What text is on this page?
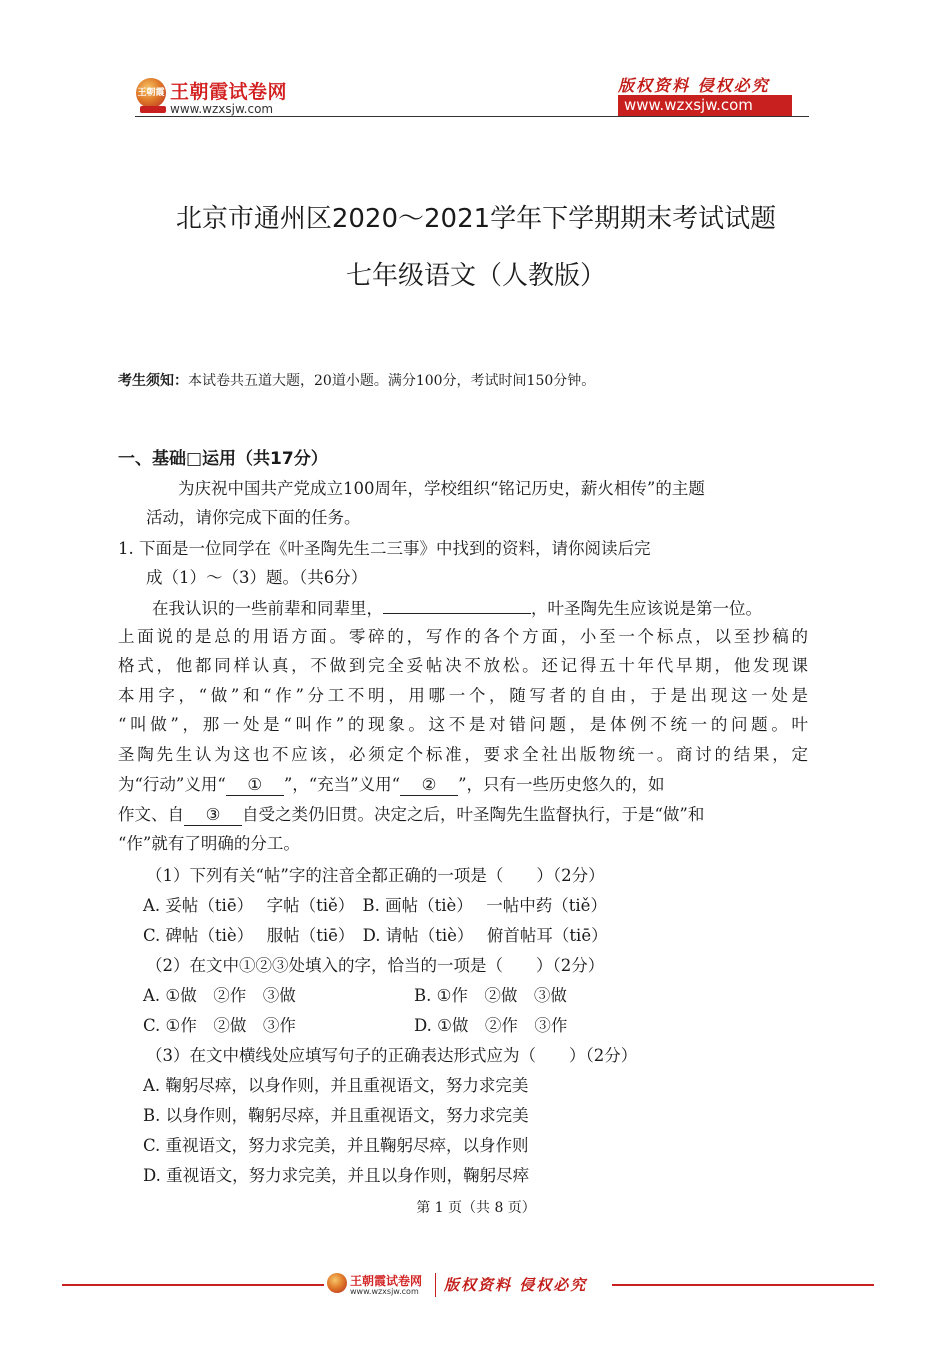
王朝霞 王朝霞试卷网
www.wzxsjw.com
版权资料 侵权必究
www.wzxsjw.com
北京市通州区2020～2021学年下学期期末考试试题
七年级语文（人教版）
考生须知：本试卷共五道大题，20道小题。满分100分，考试时间150分钟。
一、基础□运用（共17分）
为庆祝中国共产党成立100周年，学校组织“铭记历史，薪火相传”的主题
活动，请你完成下面的任务。
1. 下面是一位同学在《叶圣陶先生二三事》中找到的资料，请你阅读后完
成（1）～（3）题。（共6分）
在我认识的一些前辈和同辈里，	，叶圣陶先生应该说是第一位。
上面说的是总的用语方面。零碎的，写作的各个方面，小至一个标点，以至抄稿的
格式，他都同样认真，不做到完全妥帖决不放松。还记得五十年代早期，他发现课
本用字，“做”和“作”分工不明，用哪一个，随写者的自由，于是出现这一处是
“叫做”，那一处是“叫作”的现象。这不是对错问题，是体例不统一的问题。叶
圣陶先生认为这也不应该，必须定个标准，要求全社出版物统一。商讨的结果，定
为“行动”义用“ ① ”，“充当”义用“ ② ”，只有一些历史悠久的，如
作文、自 ③ 自受之类仍旧贯。决定之后，叶圣陶先生监督执行，于是“做”和
“作”就有了明确的分工。
（1）下列有关“帖”字的注音全都正确的一项是（　　）（2分）
A. 妥帖（tiē）　 字帖（tiě）　B. 画帖（tiè）　 一帖中药（tiě）
C. 碑帖（tiè）　 服帖（tiē）　D. 请帖（tiè）　 俯首帖耳（tiē）
（2）在文中①②③处填入的字，恰当的一项是（　　）（2分）
A. ①做　②作　③做	B. ①作　②做　③做
C. ①作　②做　③作	D. ①做　②作　③作
（3）在文中横线处应填写句子的正确表达形式应为（　　）（2分）
A. 鞠躬尽瘁，以身作则，并且重视语文，努力求完美
B. 以身作则，鞠躬尽瘁，并且重视语文，努力求完美
C. 重视语文，努力求完美，并且鞠躬尽瘁，以身作则
D. 重视语文，努力求完美，并且以身作则，鞠躬尽瘁
第 1 页（共 8 页）
王朝霞试卷网
www.wzxsjw.com 版权资料 侵权必究
